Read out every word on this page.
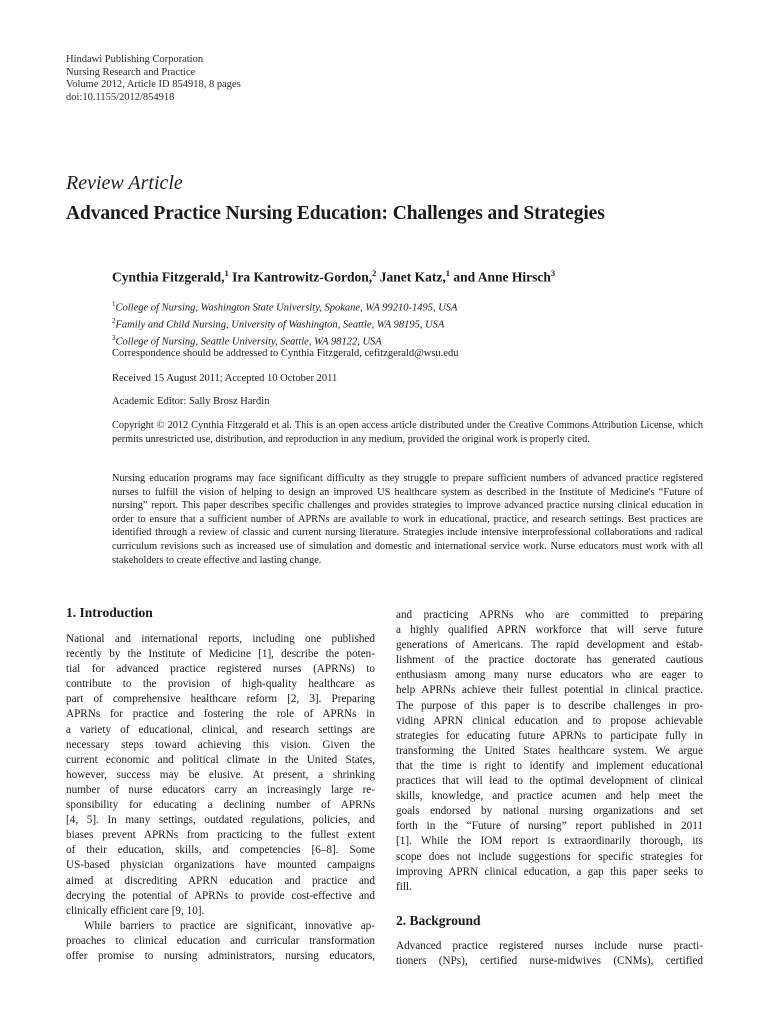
Hindawi Publishing Corporation
Nursing Research and Practice
Volume 2012, Article ID 854918, 8 pages
doi:10.1155/2012/854918
Review Article
Advanced Practice Nursing Education: Challenges and Strategies
Cynthia Fitzgerald,$^1$ Ira Kantrowitz-Gordon,$^2$ Janet Katz,$^1$ and Anne Hirsch$^3$
$^1$College of Nursing, Washington State University, Spokane, WA 99210-1495, USA
$^2$Family and Child Nursing, University of Washington, Seattle, WA 98195, USA
$^3$College of Nursing, Seattle University, Seattle, WA 98122, USA
Correspondence should be addressed to Cynthia Fitzgerald, cefitzgerald@wsu.edu
Received 15 August 2011; Accepted 10 October 2011
Academic Editor: Sally Brosz Hardin
Copyright © 2012 Cynthia Fitzgerald et al. This is an open access article distributed under the Creative Commons Attribution License, which permits unrestricted use, distribution, and reproduction in any medium, provided the original work is properly cited.
Nursing education programs may face significant difficulty as they struggle to prepare sufficient numbers of advanced practice registered nurses to fulfill the vision of helping to design an improved US healthcare system as described in the Institute of Medicine's “Future of nursing” report. This paper describes specific challenges and provides strategies to improve advanced practice nursing clinical education in order to ensure that a sufficient number of APRNs are available to work in educational, practice, and research settings. Best practices are identified through a review of classic and current nursing literature. Strategies include intensive interprofessional collaborations and radical curriculum revisions such as increased use of simulation and domestic and international service work. Nurse educators must work with all stakeholders to create effective and lasting change.
1. Introduction
National and international reports, including one published
recently by the Institute of Medicine [1], describe the poten-
tial for advanced practice registered nurses (APRNs) to
contribute to the provision of high-quality healthcare as
part of comprehensive healthcare reform [2, 3]. Preparing
APRNs for practice and fostering the role of APRNs in
a variety of educational, clinical, and research settings are
necessary steps toward achieving this vision. Given the
current economic and political climate in the United States,
however, success may be elusive. At present, a shrinking
number of nurse educators carry an increasingly large re-
sponsibility for educating a declining number of APRNs
[4, 5]. In many settings, outdated regulations, policies, and
biases prevent APRNs from practicing to the fullest extent
of their education, skills, and competencies [6–8]. Some
US-based physician organizations have mounted campaigns
aimed at discrediting APRN education and practice and
decrying the potential of APRNs to provide cost-effective and
clinically efficient care [9, 10].
While barriers to practice are significant, innovative ap-
proaches to clinical education and curricular transformation
offer promise to nursing administrators, nursing educators,
and practicing APRNs who are committed to preparing
a highly qualified APRN workforce that will serve future
generations of Americans. The rapid development and estab-
lishment of the practice doctorate has generated cautious
enthusiasm among many nurse educators who are eager to
help APRNs achieve their fullest potential in clinical practice.
The purpose of this paper is to describe challenges in pro-
viding APRN clinical education and to propose achievable
strategies for educating future APRNs to participate fully in
transforming the United States healthcare system. We argue
that the time is right to identify and implement educational
practices that will lead to the optimal development of clinical
skills, knowledge, and practice acumen and help meet the
goals endorsed by national nursing organizations and set
forth in the “Future of nursing” report published in 2011
[1]. While the IOM report is extraordinarily thorough, its
scope does not include suggestions for specific strategies for
improving APRN clinical education, a gap this paper seeks to
fill.
2. Background
Advanced practice registered nurses include nurse practi-
tioners (NPs), certified nurse-midwives (CNMs), certified
